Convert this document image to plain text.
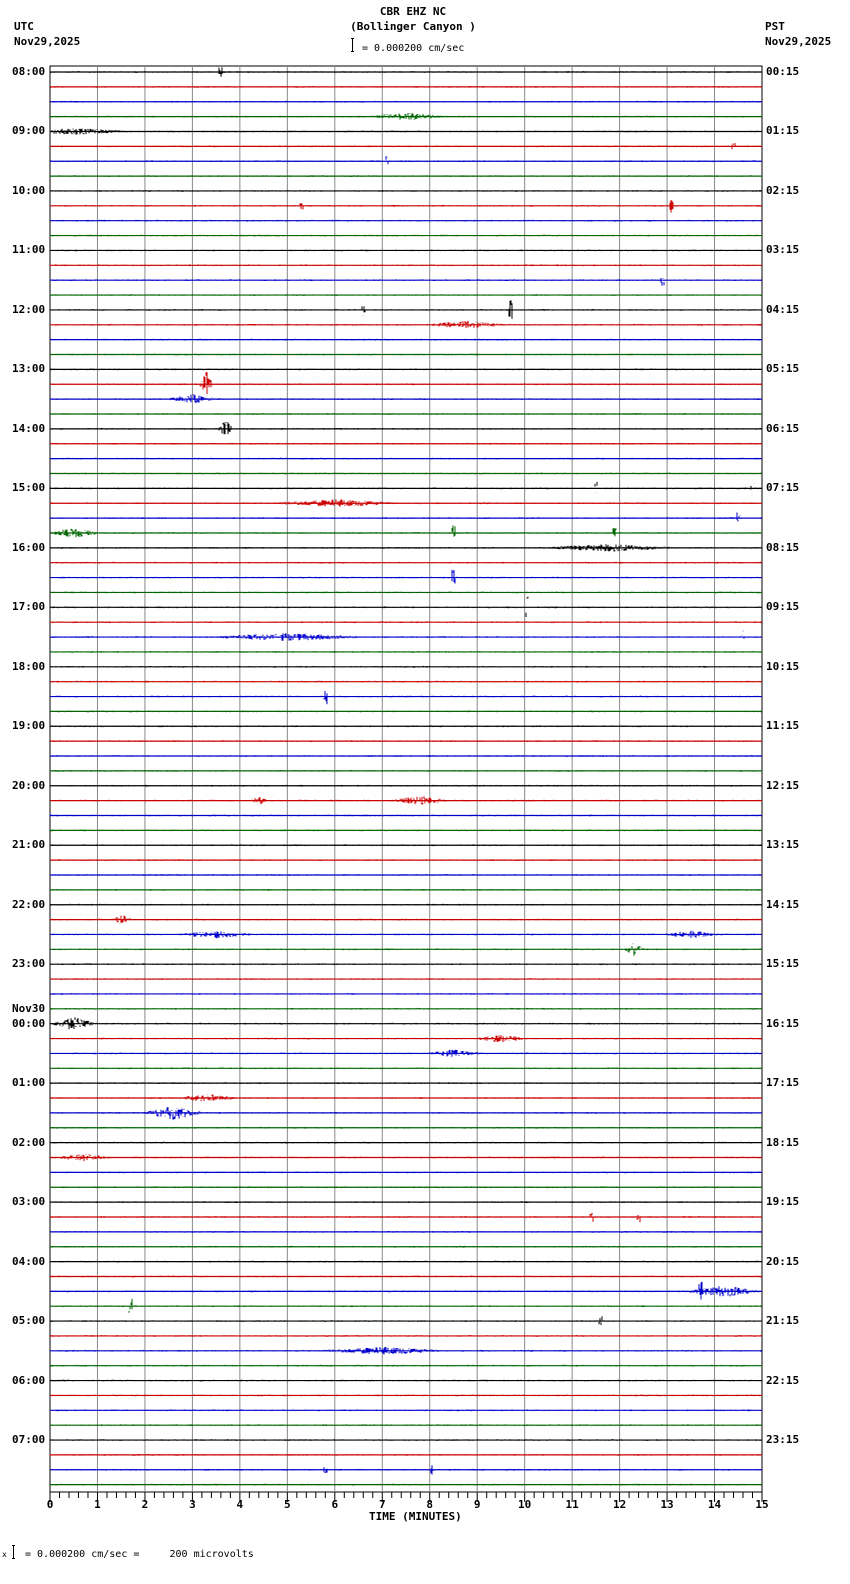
UTC
Nov29,2025
CBR EHZ NC
(Bollinger Canyon )
= 0.000200 cm/sec
PST
Nov29,2025
08:00
09:00
10:00
11:00
12:00
13:00
14:00
15:00
16:00
17:00
18:00
19:00
20:00
21:00
22:00
23:00
Nov30
00:00
01:00
02:00
03:00
04:00
05:00
06:00
07:00
00:15
01:15
02:15
03:15
04:15
05:15
06:15
07:15
08:15
09:15
10:15
11:15
12:15
13:15
14:15
15:15
16:15
17:15
18:15
19:15
20:15
21:15
22:15
23:15
0	1	2	3	4	5	6	7	8	9	10	11	12	13	14	15
TIME (MINUTES)
x = 0.000200 cm/sec =     200 microvolts
